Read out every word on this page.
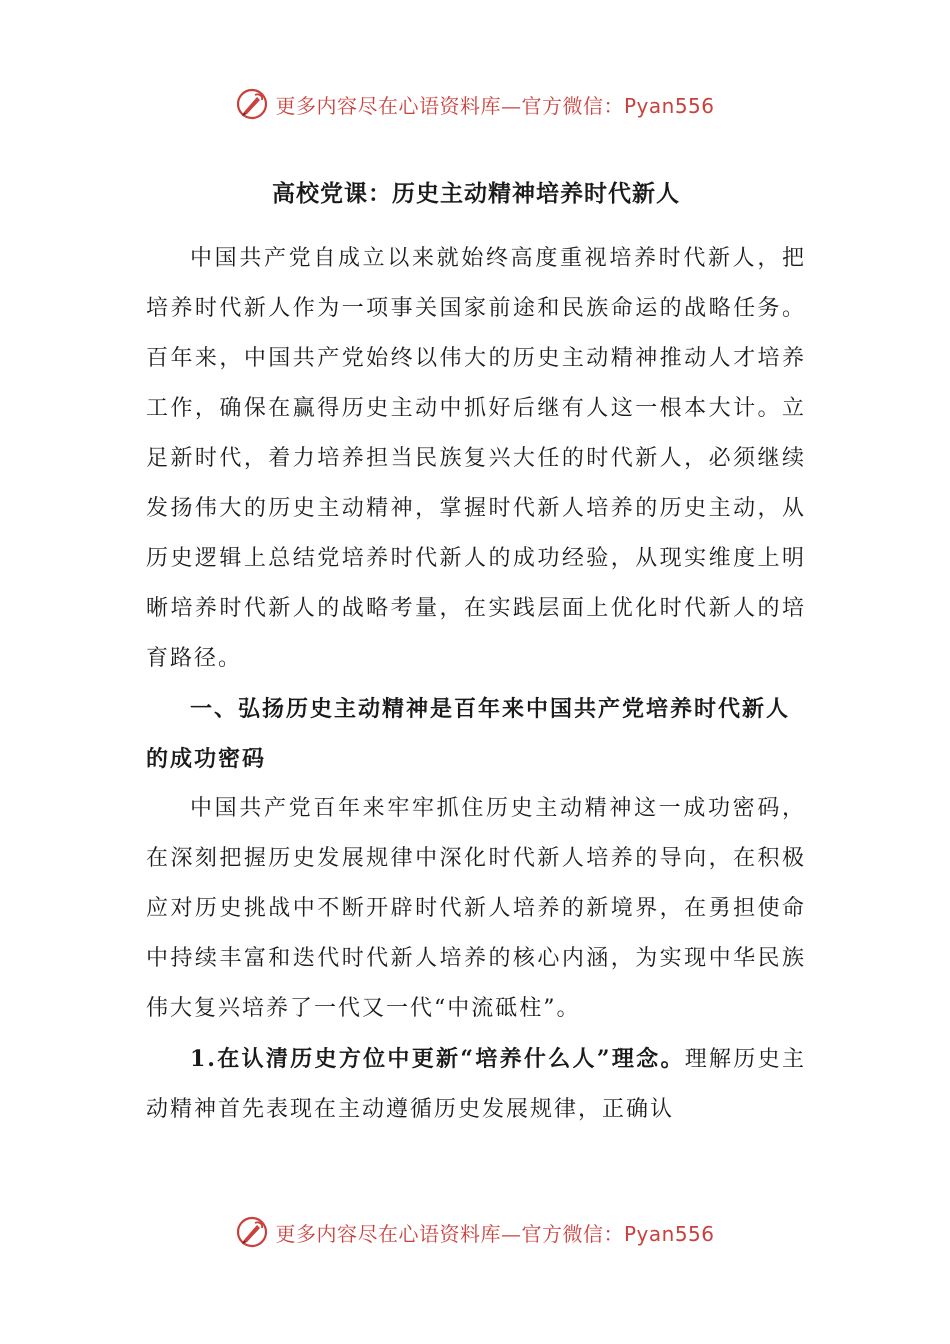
更多内容尽在心语资料库—官方微信：Pyan556
高校党课：历史主动精神培养时代新人

中国共产党自成立以来就始终高度重视培养时代新人，把培养时代新人作为一项事关国家前途和民族命运的战略任务。百年来，中国共产党始终以伟大的历史主动精神推动人才培养工作，确保在赢得历史主动中抓好后继有人这一根本大计。立足新时代，着力培养担当民族复兴大任的时代新人，必须继续发扬伟大的历史主动精神，掌握时代新人培养的历史主动，从历史逻辑上总结党培养时代新人的成功经验，从现实维度上明晰培养时代新人的战略考量，在实践层面上优化时代新人的培育路径。

一、弘扬历史主动精神是百年来中国共产党培养时代新人的成功密码

中国共产党百年来牢牢抓住历史主动精神这一成功密码，在深刻把握历史发展规律中深化时代新人培养的导向，在积极应对历史挑战中不断开辟时代新人培养的新境界，在勇担使命中持续丰富和迭代时代新人培养的核心内涵，为实现中华民族伟大复兴培养了一代又一代“中流砥柱”。

1.在认清历史方位中更新“培养什么人”理念。理解历史主动精神首先表现在主动遵循历史发展规律，正确认

更多内容尽在心语资料库—官方微信：Pyan556
